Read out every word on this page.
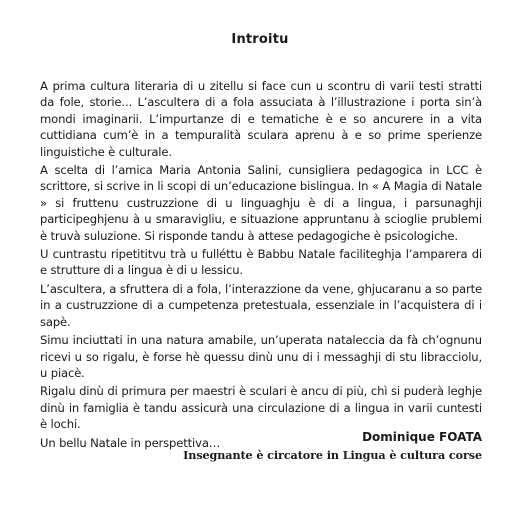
Introitu

A prima cultura literaria di u zitellu si face cun u scontru di varii testi stratti da fole, storie... L’ascultera di a fola assuciata à l’illustrazione i porta sin’à mondi imaginarii. L’impurtanze di e tematiche è e so ancurere in a vita cuttidiana cum’è in a tempuralità sculara aprenu à e so prime sperienze linguistiche è culturale.

A scelta di l’amica Maria Antonia Salini, cunsigliera pedagogica in LCC è scrittore, si scrive in li scopi di un’educazione bislingua. In « A Magia di Natale » si fruttenu custruzzione di u linguaghju è di a lingua, i parsunaghji participeghjenu à u smaravigliu, e situazione appruntanu à scioglie prublemi è truvà suluzione. Si risponde tandu à attese pedagogiche è psicologiche.

U cuntrastu ripetititvu trà u fulléttu è Babbu Natale faciliteghja l’amparera di e strutture di a lingua è di u lessicu.

L’ascultera, a sfruttera di a fola, l’interazzione da vene, ghjucaranu a so parte in a custruzzione di a cumpetenza pretestuala, essenziale in l’acquistera di i sapè.

Simu inciuttati in una natura amabile, un’uperata nataleccia da fà ch’ognunu ricevi u so rigalu, è forse hè quessu dinù unu di i messaghji di stu libracciolu, u piacè.

Rigalu dinù di primura per maestri è sculari è ancu di più, chì si puderà leghje dinù in famiglia è tandu assicurà una circulazione di a lingua in varii cuntesti è lochi.

Un bellu Natale in perspettiva…	Dominique FOATA
Insegnante è circatore in Lingua è cultura corse
